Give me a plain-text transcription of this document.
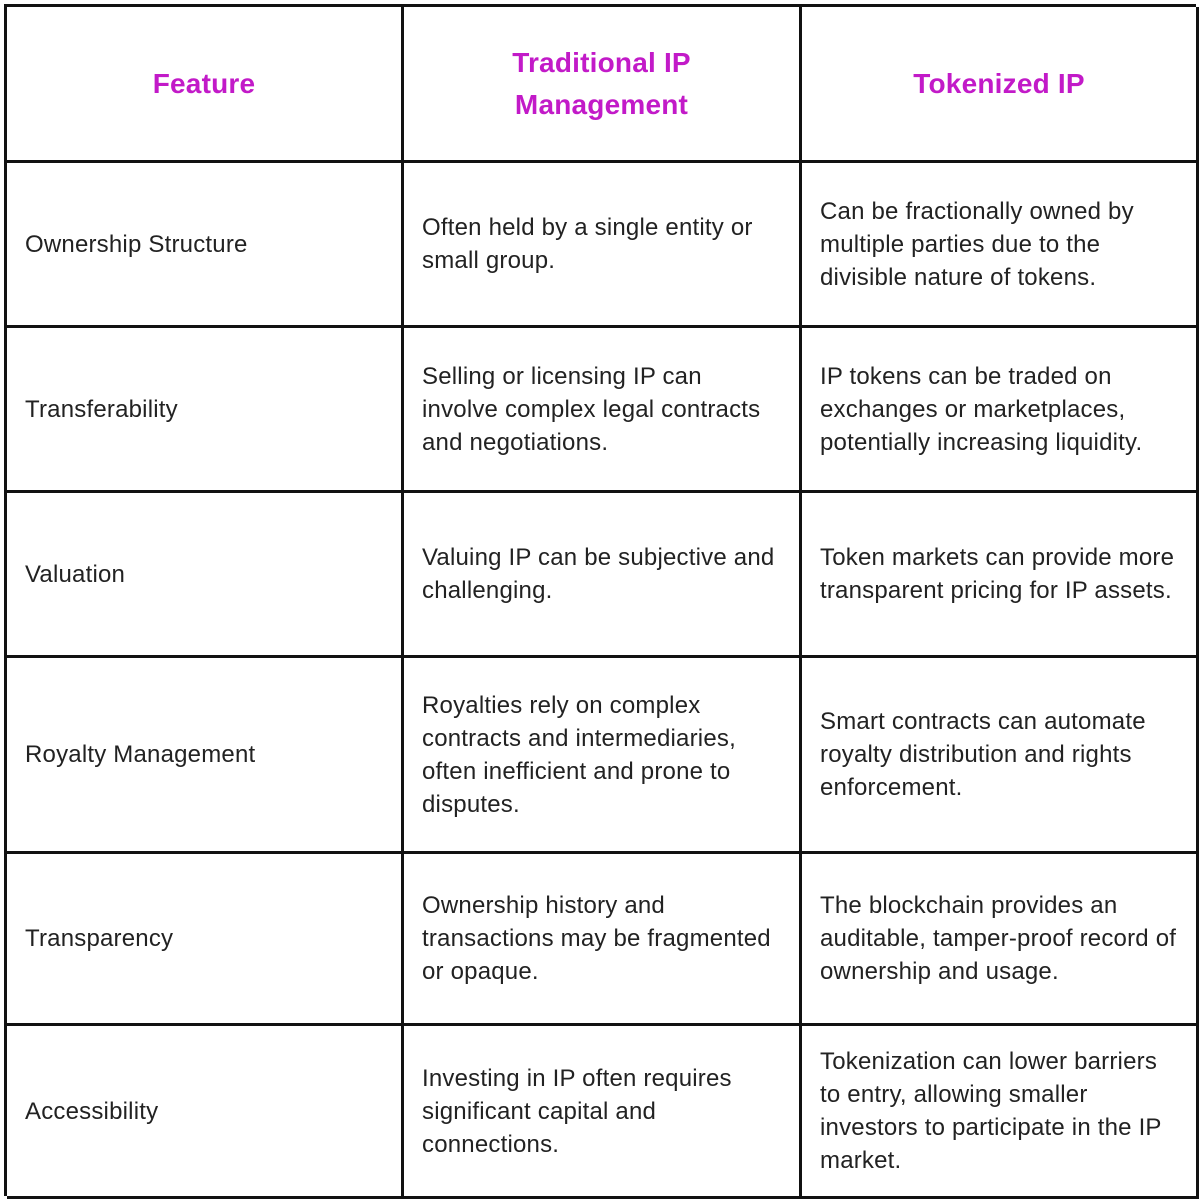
Feature
Traditional IP Management
Tokenized IP
Ownership Structure
Often held by a single entity or small group.
Can be fractionally owned by multiple parties due to the divisible nature of tokens.
Transferability
Selling or licensing IP can involve complex legal contracts and negotiations.
IP tokens can be traded on exchanges or marketplaces, potentially increasing liquidity.
Valuation
Valuing IP can be subjective and challenging.
Token markets can provide more transparent pricing for IP assets.
Royalty Management
Royalties rely on complex contracts and intermediaries, often inefficient and prone to disputes.
Smart contracts can automate royalty distribution and rights enforcement.
Transparency
Ownership history and transactions may be fragmented or opaque.
The blockchain provides an auditable, tamper-proof record of ownership and usage.
Accessibility
Investing in IP often requires significant capital and connections.
Tokenization can lower barriers to entry, allowing smaller investors to participate in the IP market.
